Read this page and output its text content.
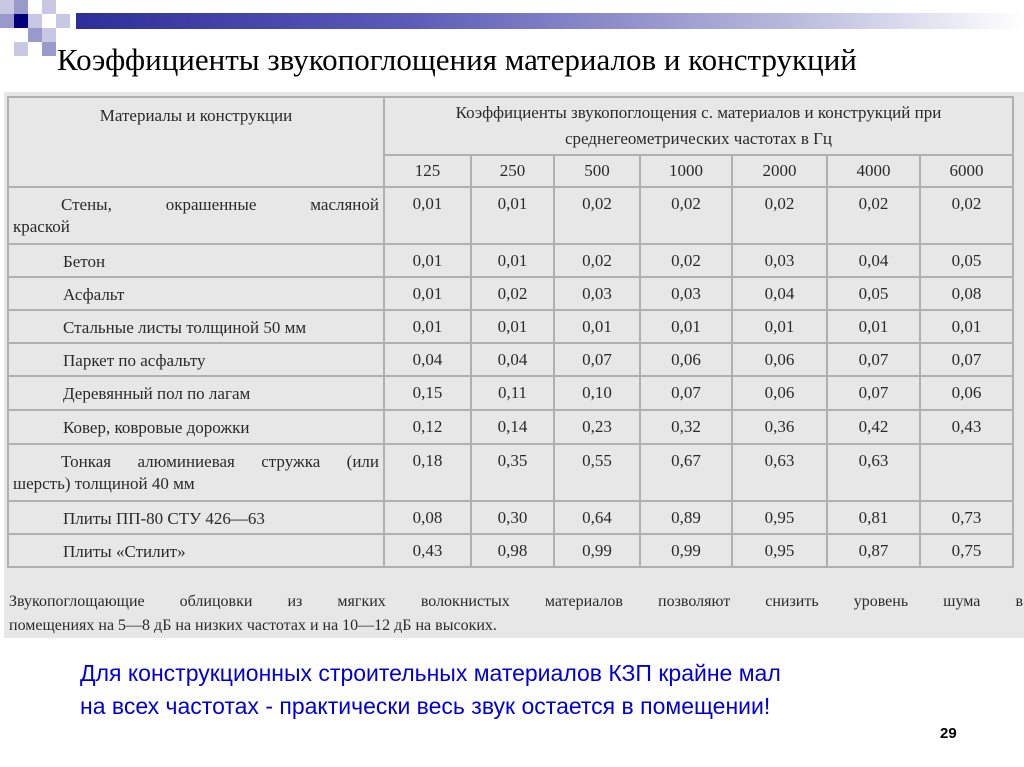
Коэффициенты звукопоглощения материалов и конструкций
Материалы и конструкции	Коэффициенты звукопоглощения с. материалов и конструкций при
среднегеометрических частотах в Гц						
	125	250	500	1000	2000	4000	6000
Стены, окрашенные масляной
краской	0,01	0,01	0,02	0,02	0,02	0,02	0,02
Бетон	0,01	0,01	0,02	0,02	0,03	0,04	0,05
Асфальт	0,01	0,02	0,03	0,03	0,04	0,05	0,08
Стальные листы толщиной 50 мм	0,01	0,01	0,01	0,01	0,01	0,01	0,01
Паркет по асфальту	0,04	0,04	0,07	0,06	0,06	0,07	0,07
Деревянный пол по лагам	0,15	0,11	0,10	0,07	0,06	0,07	0,06
Ковер, ковровые дорожки	0,12	0,14	0,23	0,32	0,36	0,42	0,43
Тонкая алюминиевая стружка (или
шерсть) толщиной 40 мм	0,18	0,35	0,55	0,67	0,63	0,63	
Плиты ПП-80 СТУ 426—63	0,08	0,30	0,64	0,89	0,95	0,81	0,73
Плиты «Стилит»	0,43	0,98	0,99	0,99	0,95	0,87	0,75

Звукопоглощающие облицовки из мягких волокнистых материалов позволяют снизить уровень шума в

помещениях на 5—8 дБ на низких частотах и на 10—12 дБ на высоких.

Для конструкционных строительных материалов КЗП крайне мал
на всех частотах - практически весь звук остается в помещении!
29
